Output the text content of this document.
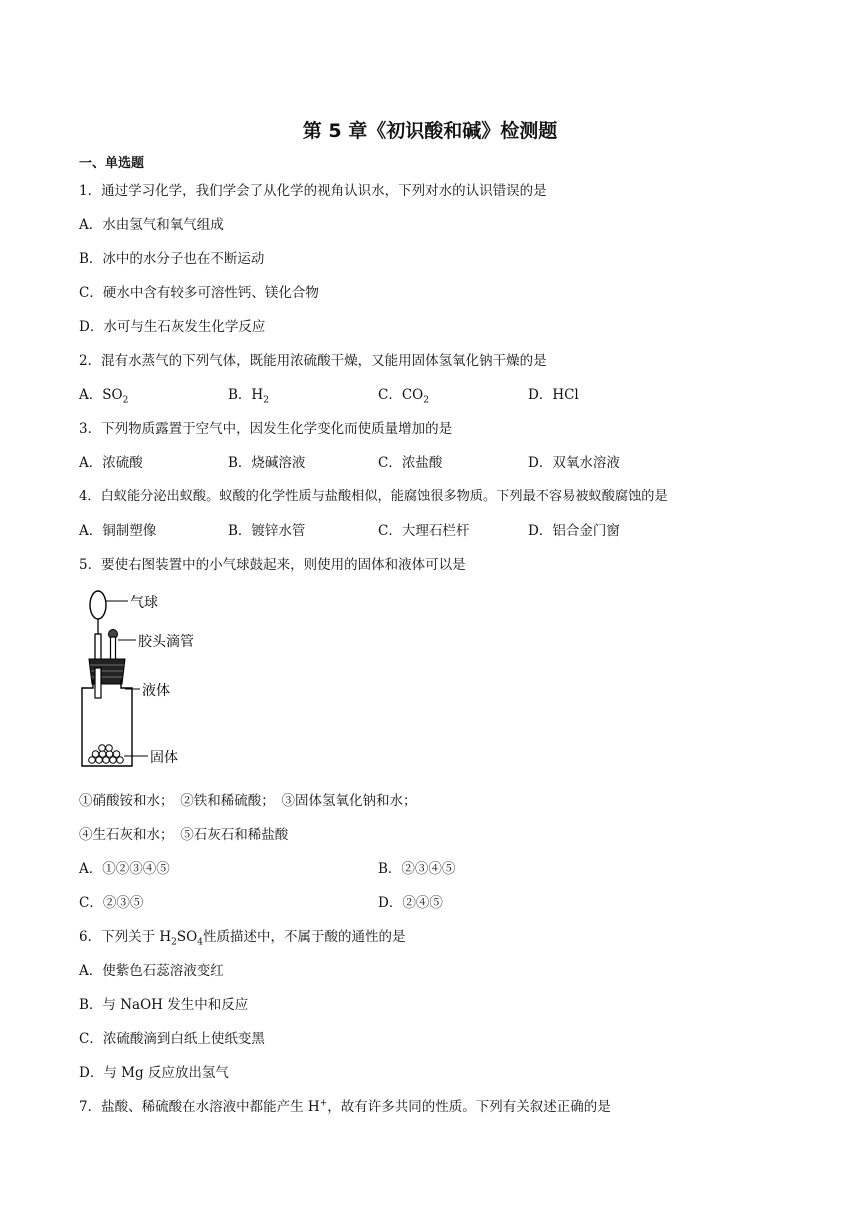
第 5 章《初识酸和碱》检测题
一、单选题
1．通过学习化学，我们学会了从化学的视角认识水，下列对水的认识错误的是
A．水由氢气和氧气组成
B．冰中的水分子也在不断运动
C．硬水中含有较多可溶性钙、镁化合物
D．水可与生石灰发生化学反应
2．混有水蒸气的下列气体，既能用浓硫酸干燥，又能用固体氢氧化钠干燥的是
A．$SO_2$	B．$H_2$	C．$CO_2$	D．HCl
3．下列物质露置于空气中，因发生化学变化而使质量增加的是
A．浓硫酸	B．烧碱溶液	C．浓盐酸	D．双氧水溶液
4．白蚁能分泌出蚁酸。蚁酸的化学性质与盐酸相似，能腐蚀很多物质。下列最不容易被蚁酸腐蚀的是
A．铜制塑像	B．镀锌水管	C．大理石栏杆	D．铝合金门窗
5．要使右图装置中的小气球鼓起来，则使用的固体和液体可以是
气球
胶头滴管
液体
固体
①硝酸铵和水；　②铁和稀硫酸；　③固体氢氧化钠和水；
④生石灰和水；　⑤石灰石和稀盐酸
A．①②③④⑤	B．②③④⑤
C．②③⑤	D．②④⑤
6．下列关于 $H_2SO_4$性质描述中，不属于酸的通性的是
A．使紫色石蕊溶液变红
B．与 NaOH 发生中和反应
C．浓硫酸滴到白纸上使纸变黑
D．与 Mg 反应放出氢气
7．盐酸、稀硫酸在水溶液中都能产生 H+，故有许多共同的性质。下列有关叙述正确的是
